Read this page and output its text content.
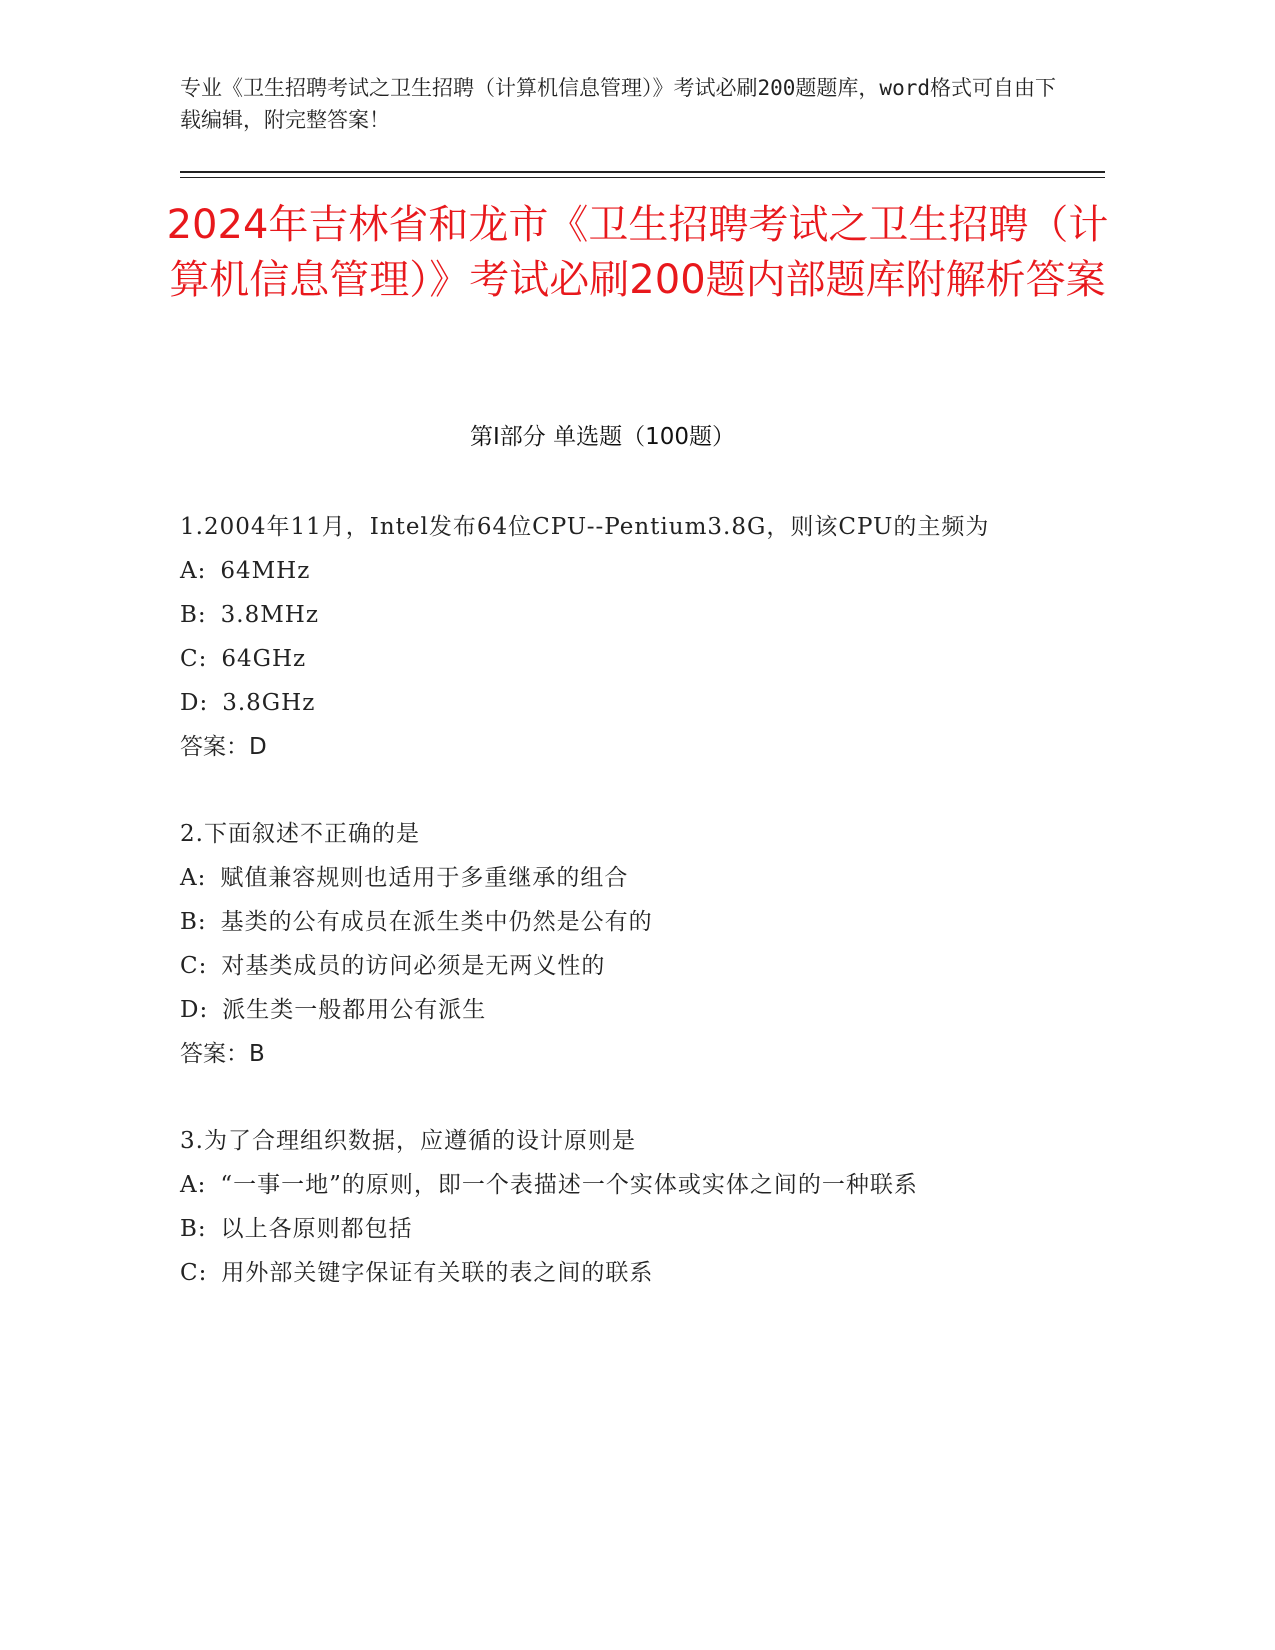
专业《卫生招聘考试之卫生招聘（计算机信息管理）》考试必刷200题题库，word格式可自由下载编辑，附完整答案！
2024年吉林省和龙市《卫生招聘考试之卫生招聘（计算机信息管理）》考试必刷200题内部题库附解析答案
第Ⅰ部分 单选题（100题）

1.2004年11月，Intel发布64位CPU--Pentium3.8G，则该CPU的主频为

A: 64MHz

B: 3.8MHz

C: 64GHz

D: 3.8GHz

答案：D

2.下面叙述不正确的是

A: 赋值兼容规则也适用于多重继承的组合

B: 基类的公有成员在派生类中仍然是公有的

C: 对基类成员的访问必须是无两义性的

D: 派生类一般都用公有派生

答案：B

3.为了合理组织数据，应遵循的设计原则是

A: “一事一地”的原则，即一个表描述一个实体或实体之间的一种联系

B: 以上各原则都包括

C: 用外部关键字保证有关联的表之间的联系
